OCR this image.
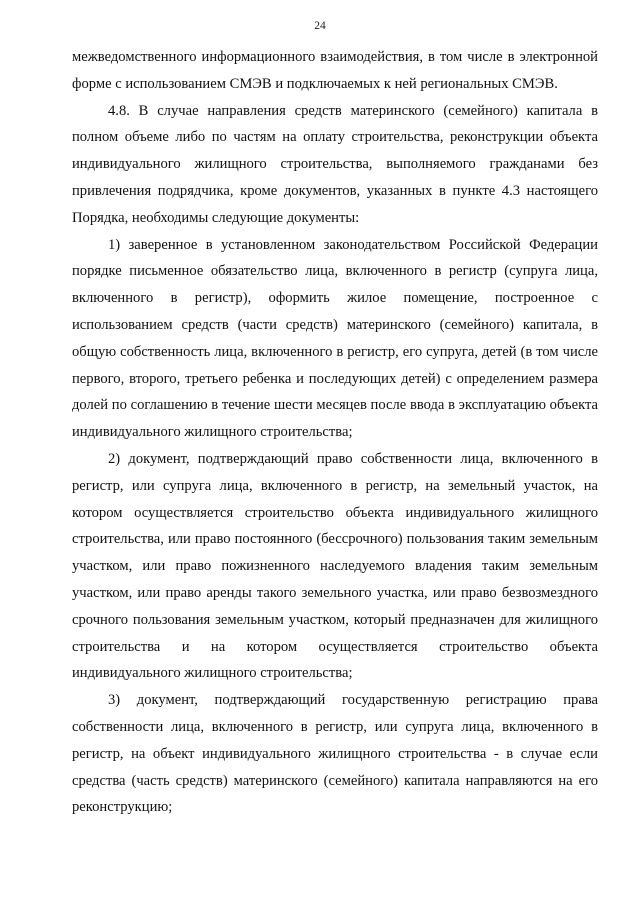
24

межведомственного информационного взаимодействия, в том числе в электронной форме с использованием СМЭВ и подключаемых к ней региональных СМЭВ.

4.8. В случае направления средств материнского (семейного) капитала в полном объеме либо по частям на оплату строительства, реконструкции объекта индивидуального жилищного строительства, выполняемого гражданами без привлечения подрядчика, кроме документов, указанных в пункте 4.3 настоящего Порядка, необходимы следующие документы:

1) заверенное в установленном законодательством Российской Федерации порядке письменное обязательство лица, включенного в регистр (супруга лица, включенного в регистр), оформить жилое помещение, построенное с использованием средств (части средств) материнского (семейного) капитала, в общую собственность лица, включенного в регистр, его супруга, детей (в том числе первого, второго, третьего ребенка и последующих детей) с определением размера долей по соглашению в течение шести месяцев после ввода в эксплуатацию объекта индивидуального жилищного строительства;

2) документ, подтверждающий право собственности лица, включенного в регистр, или супруга лица, включенного в регистр, на земельный участок, на котором осуществляется строительство объекта индивидуального жилищного строительства, или право постоянного (бессрочного) пользования таким земельным участком, или право пожизненного наследуемого владения таким земельным участком, или право аренды такого земельного участка, или право безвозмездного срочного пользования земельным участком, который предназначен для жилищного строительства и на котором осуществляется строительство объекта индивидуального жилищного строительства;

3) документ, подтверждающий государственную регистрацию права собственности лица, включенного в регистр, или супруга лица, включенного в регистр, на объект индивидуального жилищного строительства - в случае если средства (часть средств) материнского (семейного) капитала направляются на его реконструкцию;
